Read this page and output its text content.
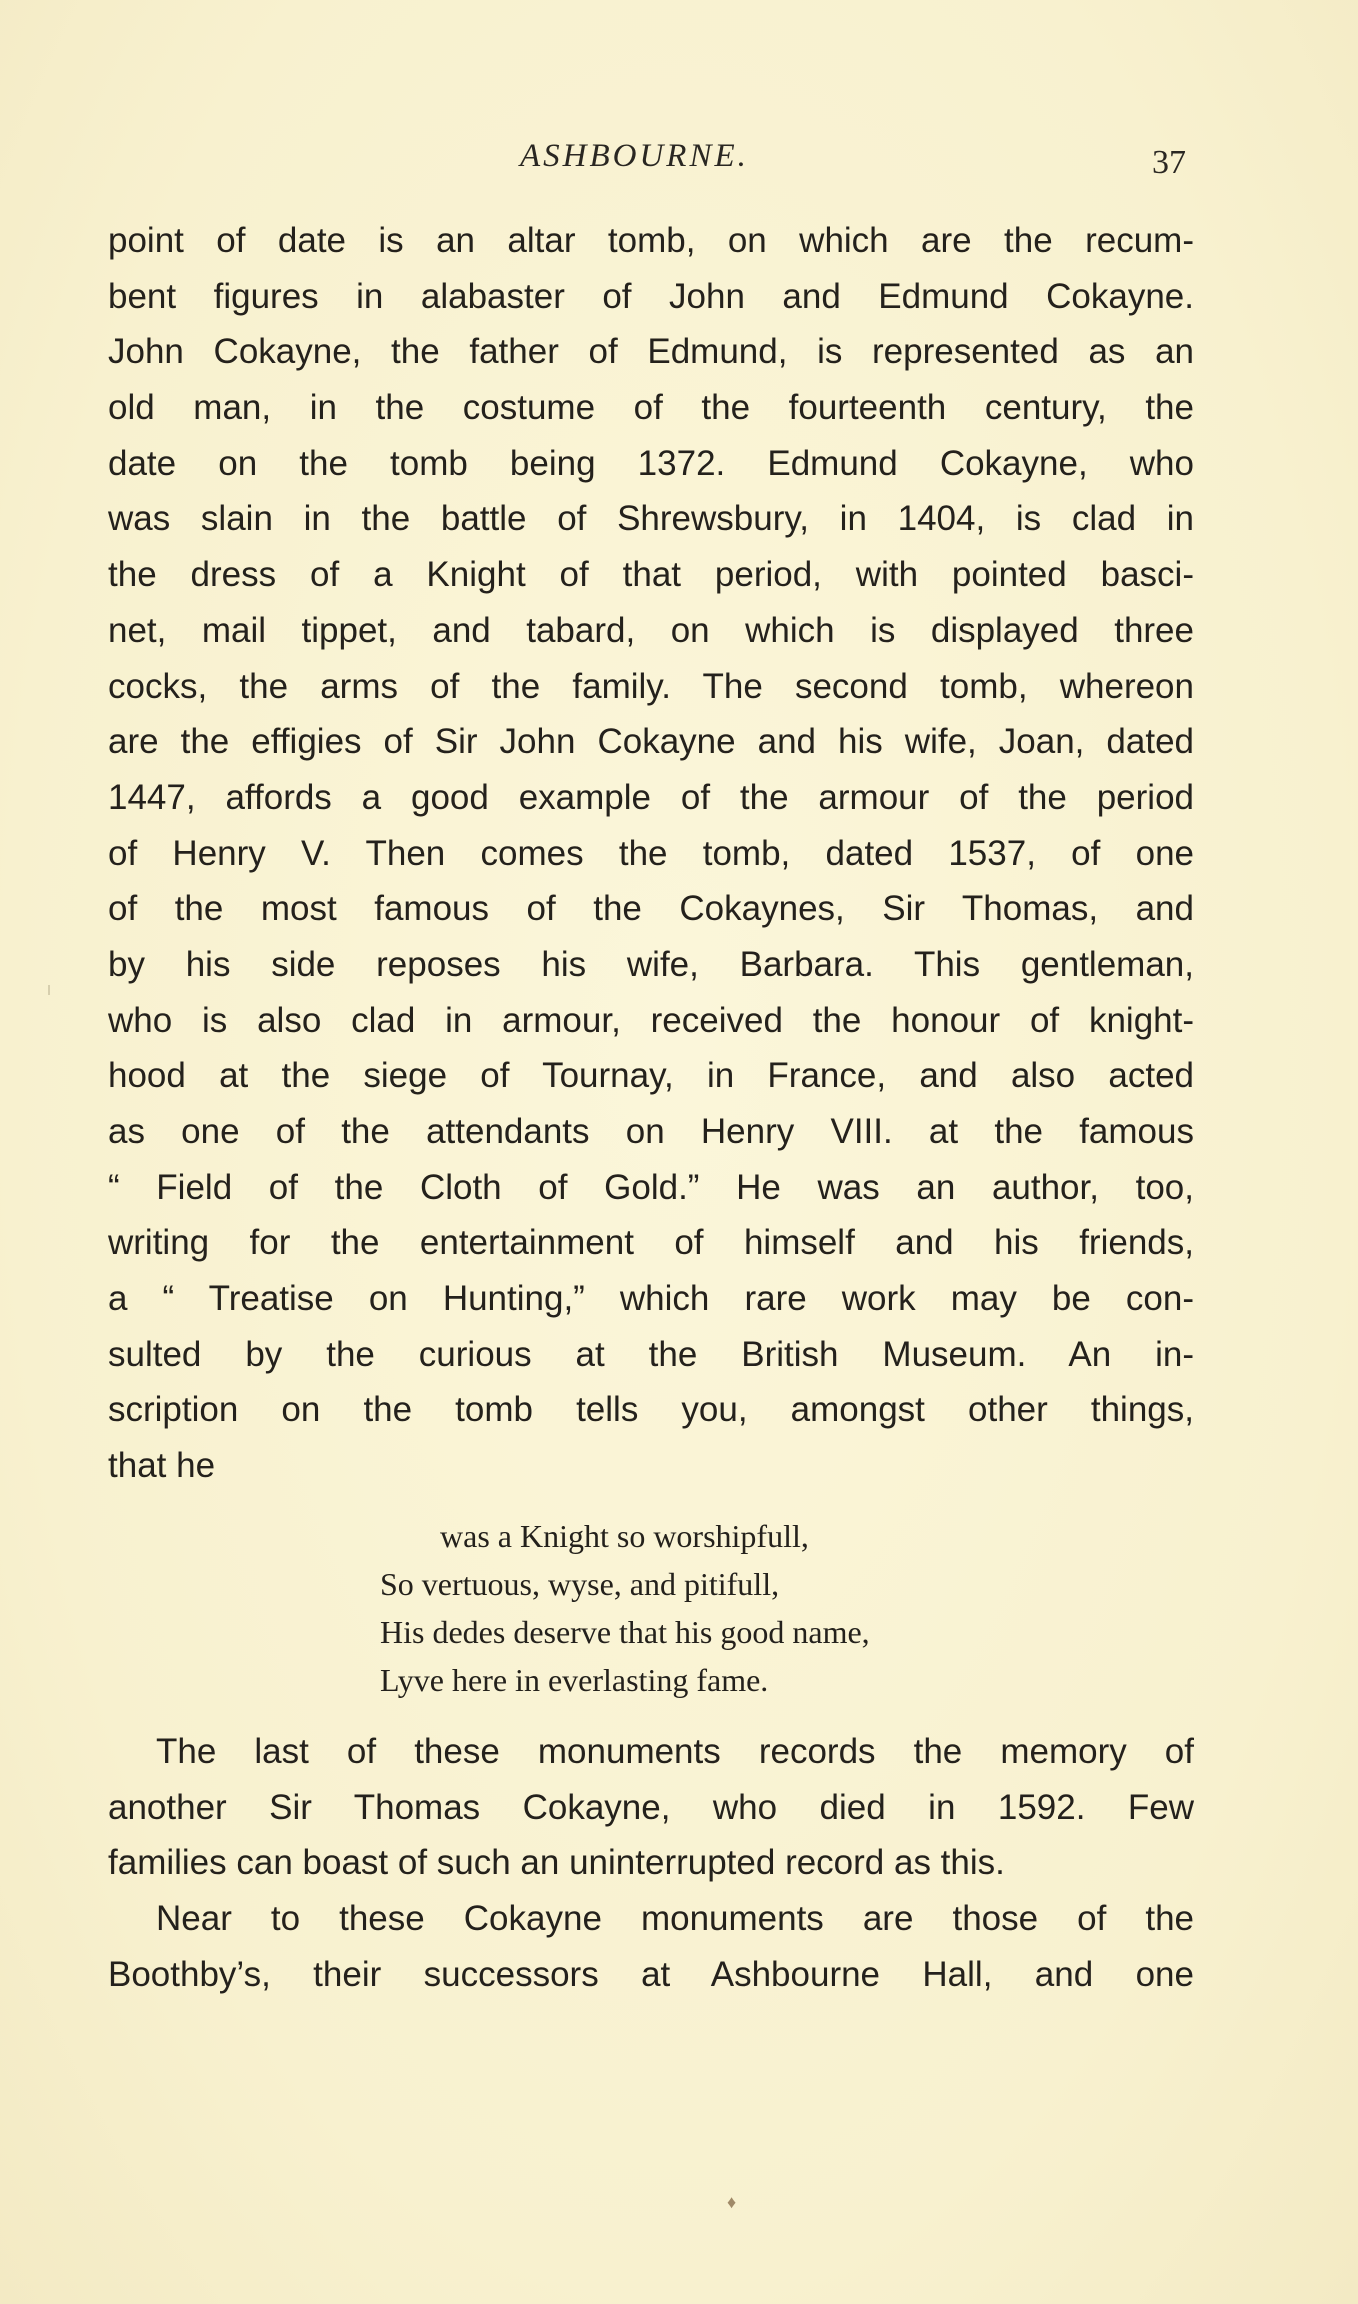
ASHBOURNE.	37
point of date is an altar tomb, on which are the recum-
bent figures in alabaster of John and Edmund Cokayne.
John Cokayne, the father of Edmund, is represented as an
old man, in the costume of the fourteenth century, the
date on the tomb being 1372. Edmund Cokayne, who
was slain in the battle of Shrewsbury, in 1404, is clad in
the dress of a Knight of that period, with pointed basci-
net, mail tippet, and tabard, on which is displayed three
cocks, the arms of the family. The second tomb, whereon
are the effigies of Sir John Cokayne and his wife, Joan, dated
1447, affords a good example of the armour of the period
of Henry V. Then comes the tomb, dated 1537, of one
of the most famous of the Cokaynes, Sir Thomas, and
by his side reposes his wife, Barbara. This gentleman,
who is also clad in armour, received the honour of knight-
hood at the siege of Tournay, in France, and also acted
as one of the attendants on Henry VIII. at the famous
“ Field of the Cloth of Gold.” He was an author, too,
writing for the entertainment of himself and his friends,
a “ Treatise on Hunting,” which rare work may be con-
sulted by the curious at the British Museum. An in-
scription on the tomb tells you, amongst other things,
that he
was a Knight so worshipfull,
So vertuous, wyse, and pitifull,
His dedes deserve that his good name,
Lyve here in everlasting fame.
The last of these monuments records the memory of
another Sir Thomas Cokayne, who died in 1592. Few
families can boast of such an uninterrupted record as this.
Near to these Cokayne monuments are those of the
Boothby’s, their successors at Ashbourne Hall, and one
♦
